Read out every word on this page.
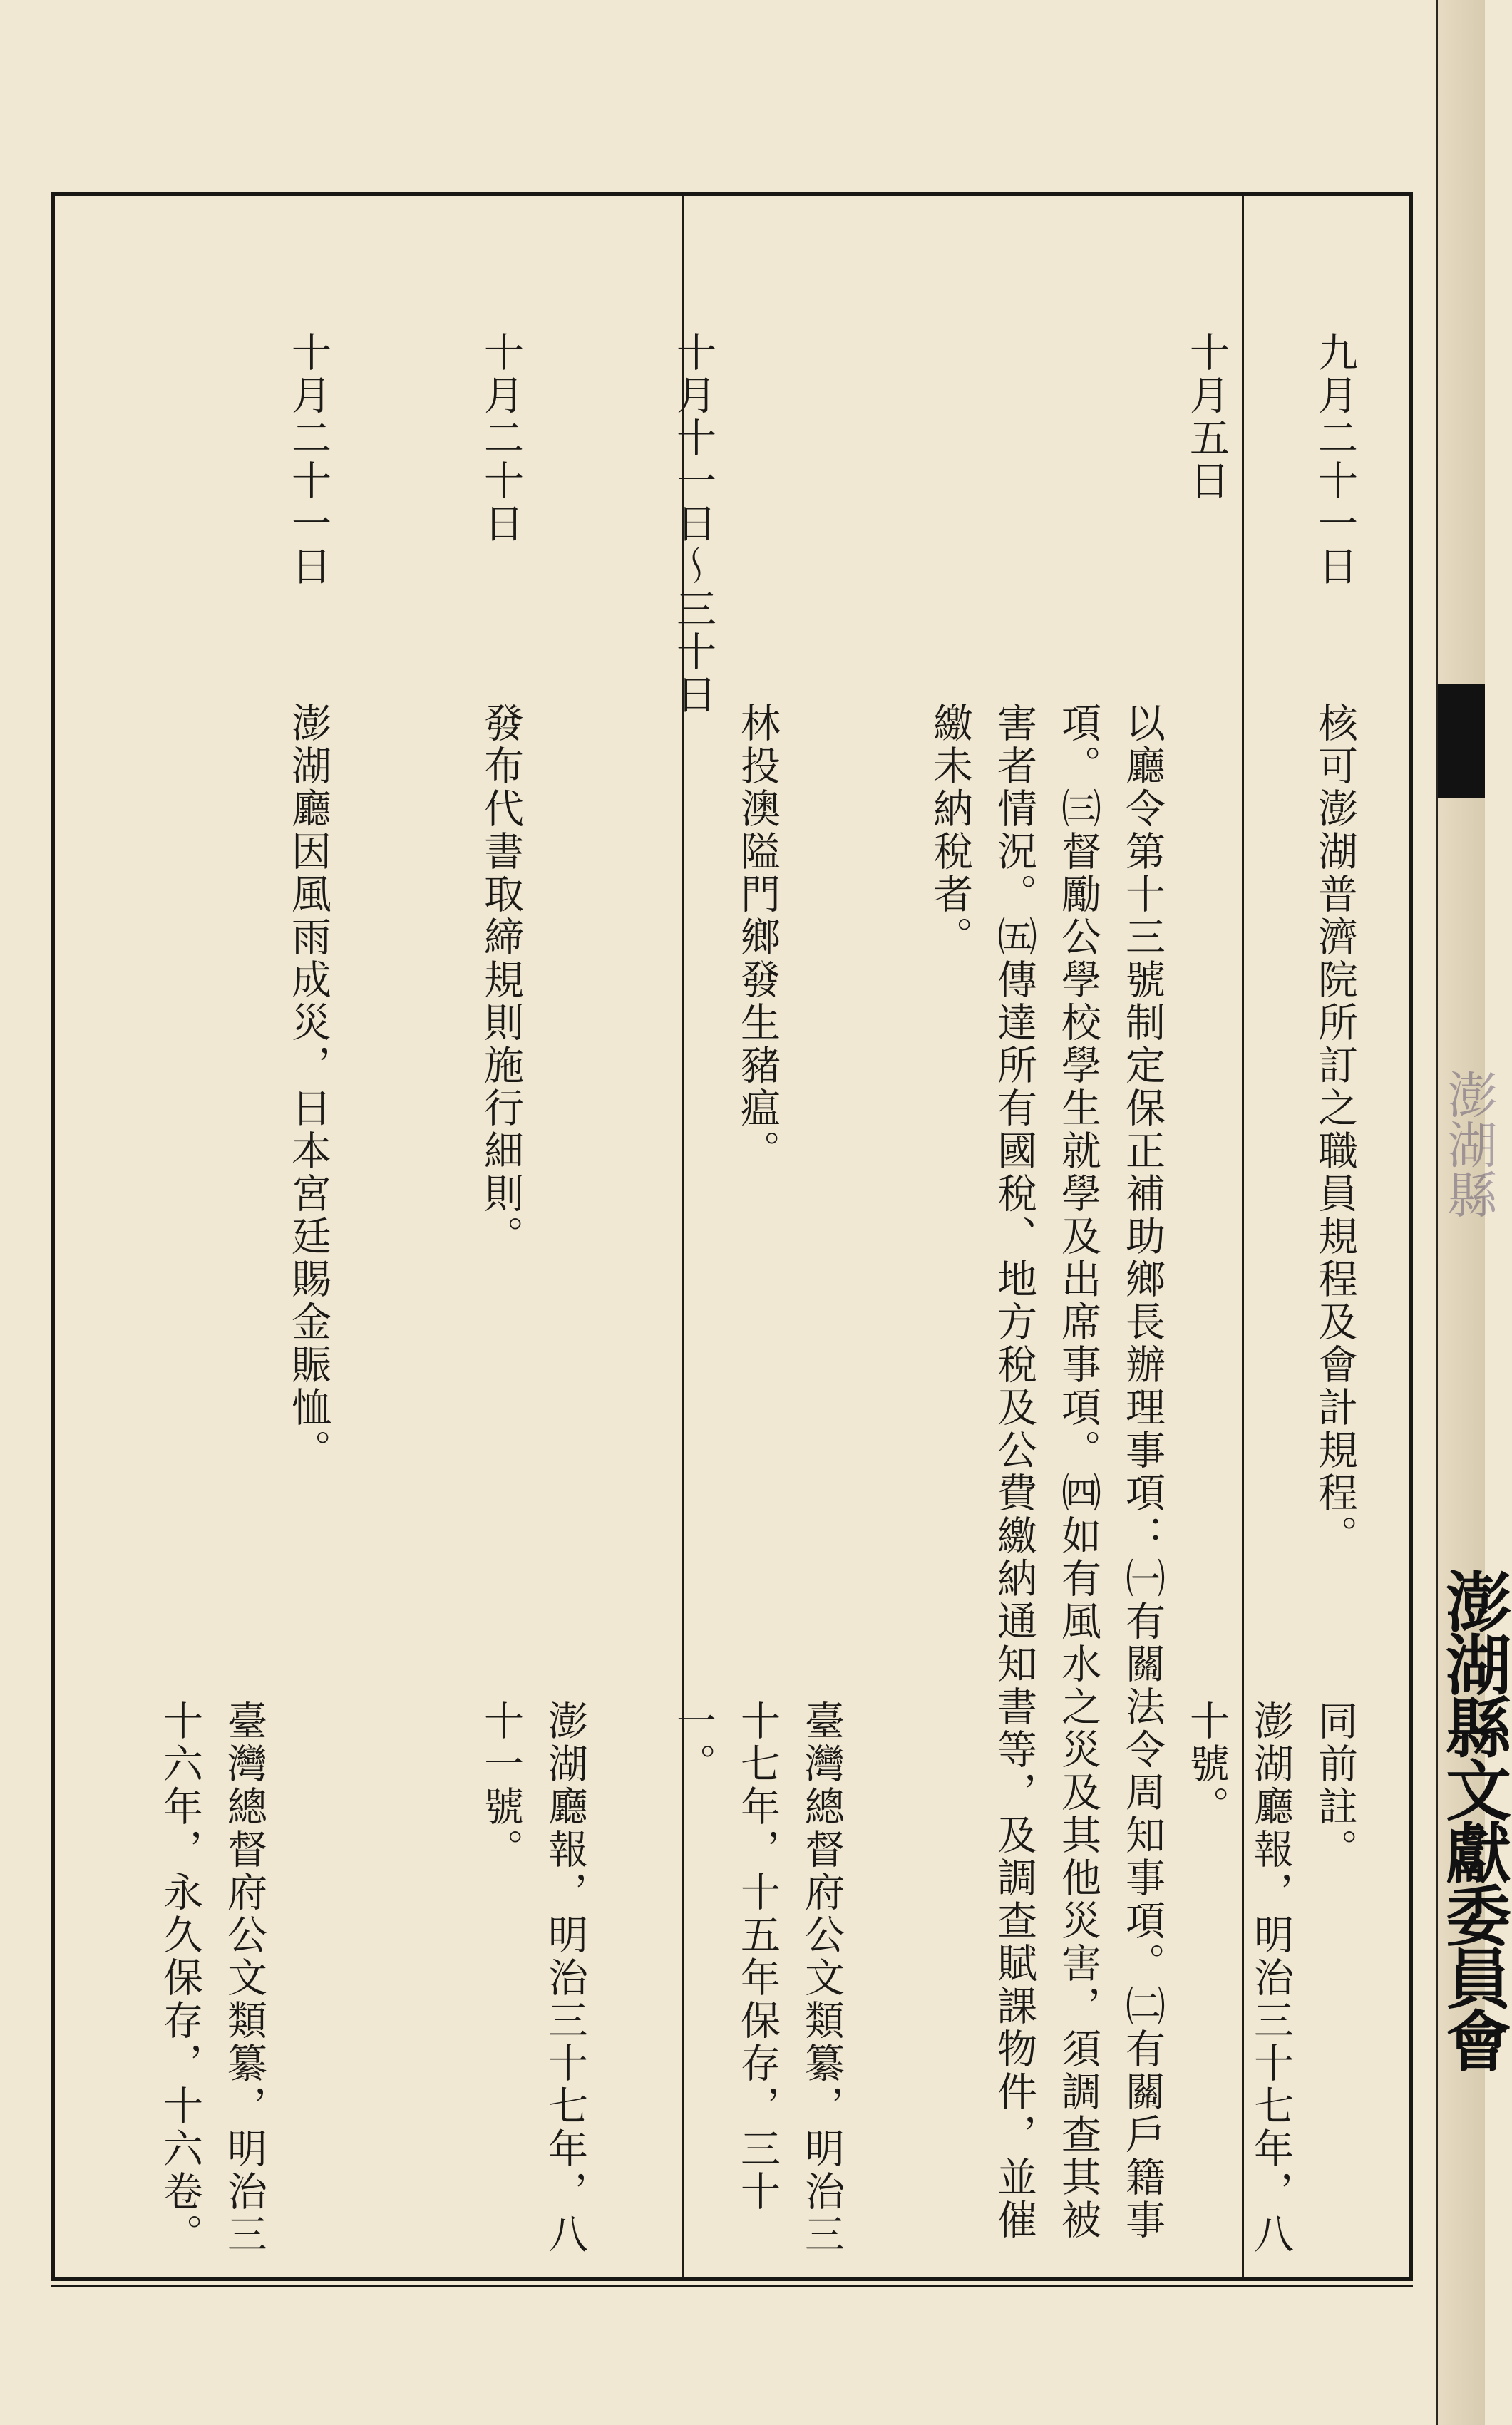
澎湖縣
澎湖縣文獻委員會
九月二十一日
核可澎湖普濟院所訂之職員規程及會計規程。
同前註。
十月五日
以廳令第十三號制定保正補助鄉長辦理事項：㈠有關法令周知事項。㈡有關戶籍事項。㈢督勵公學校學生就學及出席事項。㈣如有風水之災及其他災害，須調查其被害者情況。㈤傳達所有國稅、地方稅及公費繳納通知書等，及調查賦課物件，並催繳未納稅者。
澎湖廳報，明治三十七年，八十號。
十月十一日～三十日
林投澳隘門鄉發生豬瘟。
臺灣總督府公文類纂，明治三十七年，十五年保存，三十一。
十月二十日
發布代書取締規則施行細則。
澎湖廳報，明治三十七年，八十一號。
十月二十一日
澎湖廳因風雨成災，日本宮廷賜金賑恤。
臺灣總督府公文類纂，明治三十六年，永久保存，十六卷。
